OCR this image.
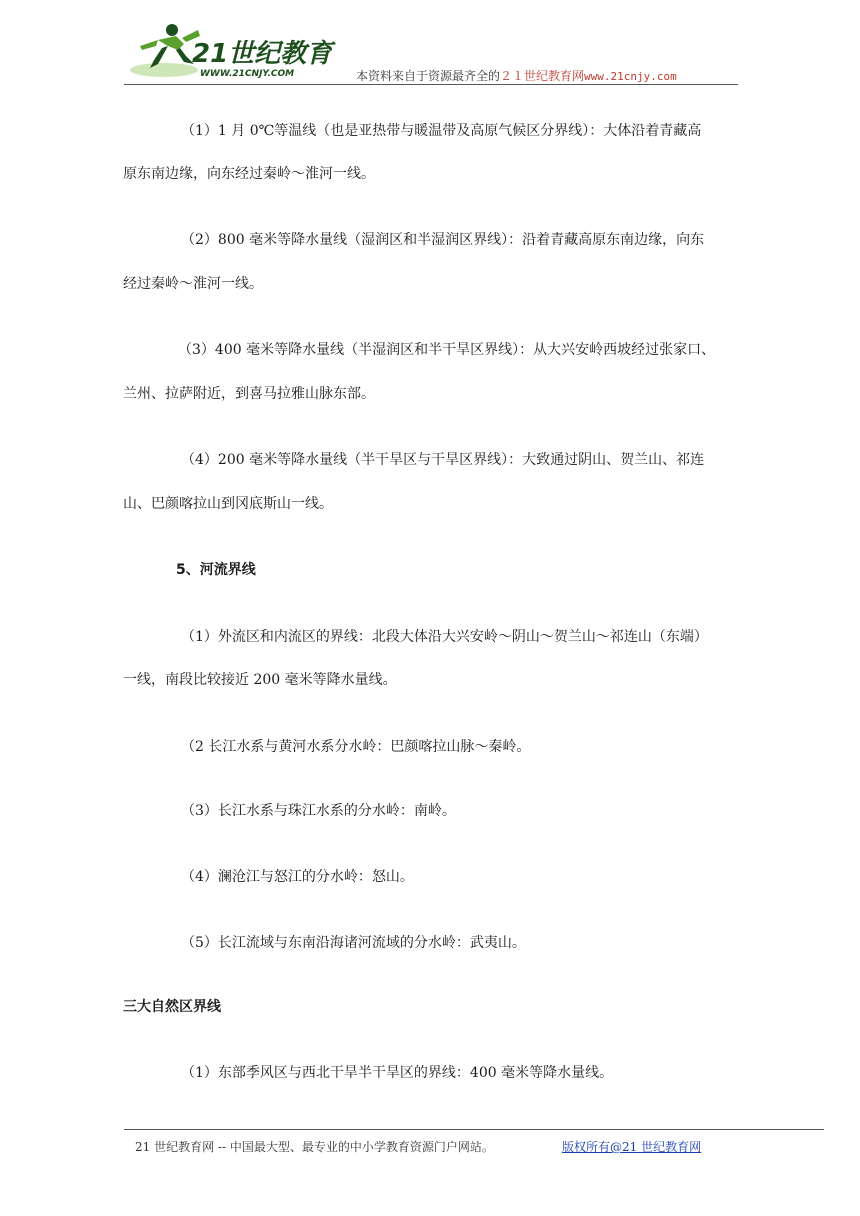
21世纪教育
WWW.21CNJY.COM	本资料来自于资源最齐全的２１世纪教育网www.21cnjy.com
（1）1 月 0℃等温线（也是亚热带与暖温带及高原气候区分界线）：大体沿着青藏高
原东南边缘，向东经过秦岭～淮河一线。
（2）800 毫米等降水量线（湿润区和半湿润区界线）：沿着青藏高原东南边缘，向东
经过秦岭～淮河一线。
（3）400 毫米等降水量线（半湿润区和半干旱区界线）：从大兴安岭西坡经过张家口、
兰州、拉萨附近，到喜马拉雅山脉东部。
（4）200 毫米等降水量线（半干旱区与干旱区界线）：大致通过阴山、贺兰山、祁连
山、巴颜喀拉山到冈底斯山一线。
5、河流界线
（1）外流区和内流区的界线：北段大体沿大兴安岭～阴山～贺兰山～祁连山（东端）
一线，南段比较接近 200 毫米等降水量线。
（2 长江水系与黄河水系分水岭：巴颜喀拉山脉～秦岭。
（3）长江水系与珠江水系的分水岭：南岭。
（4）澜沧江与怒江的分水岭：怒山。
（5）长江流域与东南沿海诸河流域的分水岭：武夷山。
三大自然区界线
（1）东部季风区与西北干旱半干旱区的界线：400 毫米等降水量线。
21 世纪教育网 -- 中国最大型、最专业的中小学教育资源门户网站。	版权所有@21 世纪教育网
